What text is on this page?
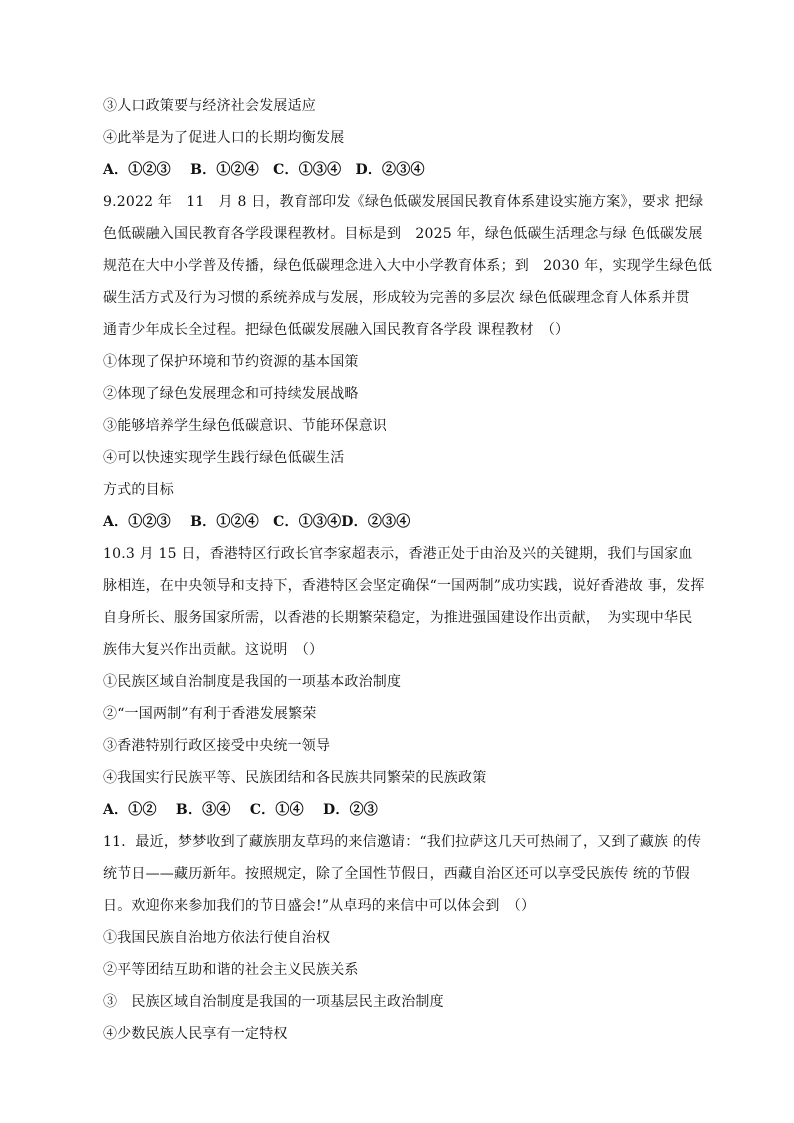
③人口政策要与经济社会发展适应
④此举是为了促进人口的长期均衡发展
A．①②③　 B．①②④　C．①③④　D．②③④
9.2022 年　11　月 8 日，教育部印发《绿色低碳发展国民教育体系建设实施方案》，要求 把绿
色低碳融入国民教育各学段课程教材。目标是到　2025 年，绿色低碳生活理念与绿 色低碳发展
规范在大中小学普及传播，绿色低碳理念进入大中小学教育体系；到　2030 年，实现学生绿色低
碳生活方式及行为习惯的系统养成与发展，形成较为完善的多层次 绿色低碳理念育人体系并贯
通青少年成长全过程。把绿色低碳发展融入国民教育各学段 课程教材　（）
①体现了保护环境和节约资源的基本国策
②体现了绿色发展理念和可持续发展战略
③能够培养学生绿色低碳意识、节能环保意识
④可以快速实现学生践行绿色低碳生活
方式的目标
A．①②③　 B．①②④　C．①③④D．②③④
10.3 月 15 日，香港特区行政长官李家超表示，香港正处于由治及兴的关键期，我们与国家血
脉相连，在中央领导和支持下，香港特区会坚定确保“一国两制”成功实践，说好香港故 事，发挥
自身所长、服务国家所需，以香港的长期繁荣稳定，为推进强国建设作出贡献，　为实现中华民
族伟大复兴作出贡献。这说明　（）
①民族区域自治制度是我国的一项基本政治制度
②“一国两制”有利于香港发展繁荣
③香港特别行政区接受中央统一领导
④我国实行民族平等、民族团结和各民族共同繁荣的民族政策
A．①②　 B．③④　 C．①④　 D．②③
11．最近，梦梦收到了藏族朋友草玛的来信邀请：“我们拉萨这几天可热闹了，又到了藏族 的传
统节日——藏历新年。按照规定，除了全国性节假日，西藏自治区还可以享受民族传 统的节假
日。欢迎你来参加我们的节日盛会!”从卓玛的来信中可以体会到　（）
①我国民族自治地方依法行使自治权
②平等团结互助和谐的社会主义民族关系
③　民族区域自治制度是我国的一项基层民主政治制度
④少数民族人民享有一定特权
